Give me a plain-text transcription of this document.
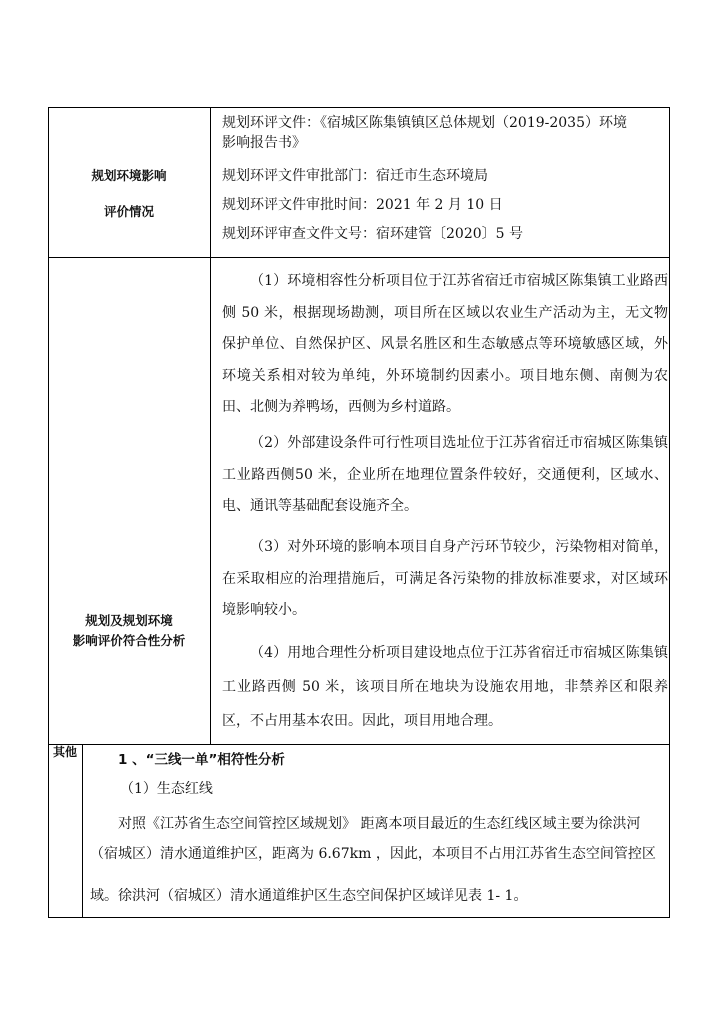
规划环境影响
评价情况
规划环评文件：《宿城区陈集镇镇区总体规划（2019-2035）环境
影响报告书》
规划环评文件审批部门：宿迁市生态环境局
规划环评文件审批时间：2021 年 2 月 10 日
规划环评审查文件文号：宿环建管〔2020〕5 号
规划及规划环境
影响评价符合性分析
（1）环境相容性分析项目位于江苏省宿迁市宿城区陈集镇工业路西侧 50 米，根据现场勘测，项目所在区域以农业生产活动为主，无文物保护单位、自然保护区、风景名胜区和生态敏感点等环境敏感区域，外环境关系相对较为单纯，外环境制约因素小。项目地东侧、南侧为农田、北侧为养鸭场，西侧为乡村道路。
（2）外部建设条件可行性项目选址位于江苏省宿迁市宿城区陈集镇工业路西侧50 米，企业所在地理位置条件较好，交通便利，区域水、电、通讯等基础配套设施齐全。
（3）对外环境的影响本项目自身产污环节较少，污染物相对简单，在采取相应的治理措施后，可满足各污染物的排放标准要求，对区域环境影响较小。
（4）用地合理性分析项目建设地点位于江苏省宿迁市宿城区陈集镇工业路西侧 50 米，该项目所在地块为设施农用地，非禁养区和限养区，不占用基本农田。因此，项目用地合理。
其他	1 、“三线一单”相符性分析
（1）生态红线
对照《江苏省生态空间管控区域规划》 距离本项目最近的生态红线区域主要为徐洪河
（宿城区）清水通道维护区，距离为 6.67km ，因此，本项目不占用江苏省生态空间管控区
域。徐洪河（宿城区）清水通道维护区生态空间保护区域详见表 1- 1。
